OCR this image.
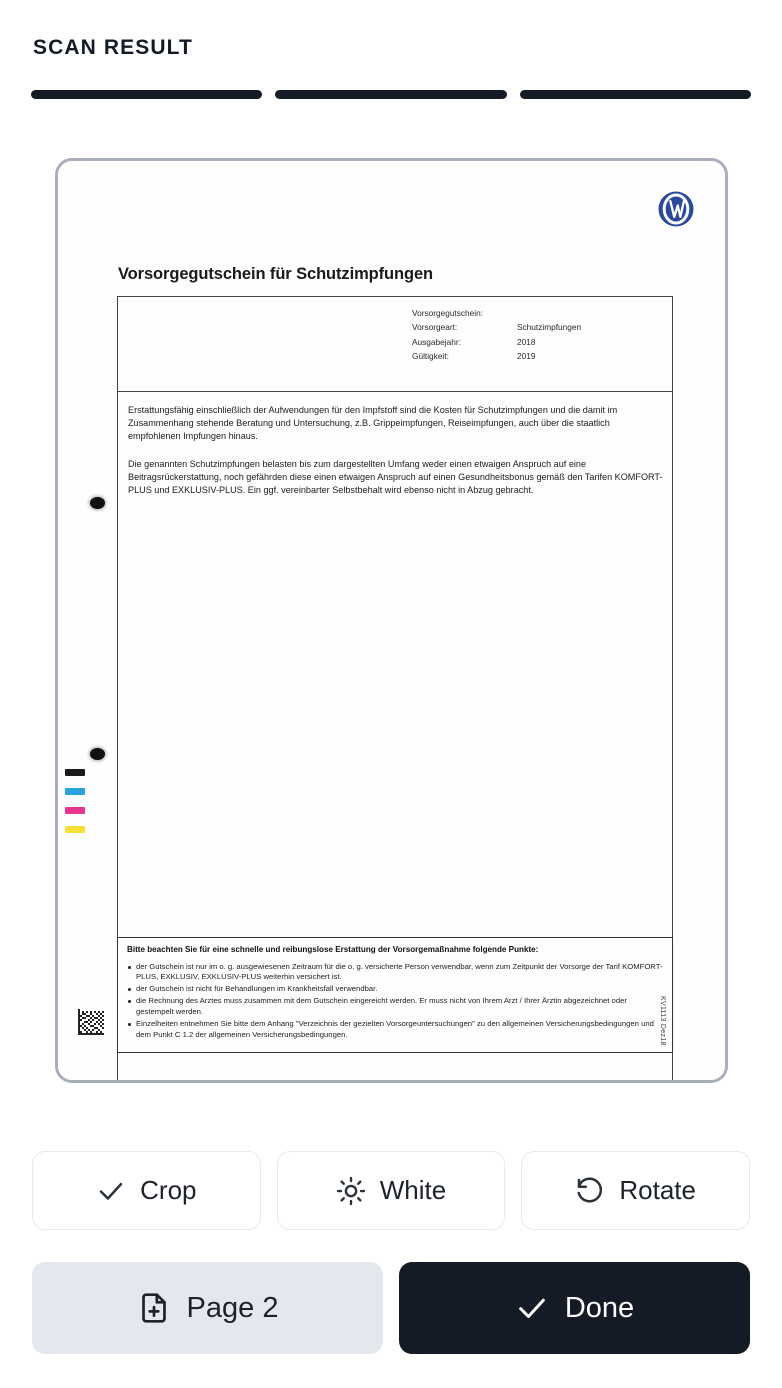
SCAN RESULT
Vorsorgegutschein für Schutzimpfungen
Vorsorgegutschein:
Vorsorgeart:	Schutzimpfungen
Ausgabejahr:	2018
Gültigkeit:	2019
Erstattungsfähig einschließlich der Aufwendungen für den Impfstoff sind die Kosten für Schutzimpfungen und die damit im Zusammenhang stehende Beratung und Untersuchung, z.B. Grippeimpfungen, Reiseimpfungen, auch über die staatlich empfohlenen Impfungen hinaus.
Die genannten Schutzimpfungen belasten bis zum dargestellten Umfang weder einen etwaigen Anspruch auf eine Beitragsrückerstattung, noch gefährden diese einen etwaigen Anspruch auf einen Gesundheitsbonus gemäß den Tarifen KOMFORT-PLUS und EXKLUSIV-PLUS. Ein ggf. vereinbarter Selbstbehalt wird ebenso nicht in Abzug gebracht.
Bitte beachten Sie für eine schnelle und reibungslose Erstattung der Vorsorgemaßnahme folgende Punkte:
der Gutschein ist nur im o. g. ausgewiesenen Zeitraum für die o. g. versicherte Person verwendbar, wenn zum Zeitpunkt der Vorsorge der Tarif KOMFORT-PLUS, EXKLUSIV, EXKLUSIV-PLUS weiterhin versichert ist.
der Gutschein ist nicht für Behandlungen im Krankheitsfall verwendbar.
die Rechnung des Arztes muss zusammen mit dem Gutschein eingereicht werden. Er muss nicht von Ihrem Arzt / Ihrer Ärztin abgezeichnet oder gestempelt werden.
Einzelheiten entnehmen Sie bitte dem Anhang "Verzeichnis der gezielten Vorsorgeuntersuchungen" zu den allgemeinen Versicherungsbedingungen und dem Punkt C 1.2 der allgemeinen Versicherungsbedingungen.	KV1113 Dez18
Crop	White	Rotate
Page 2	Done
